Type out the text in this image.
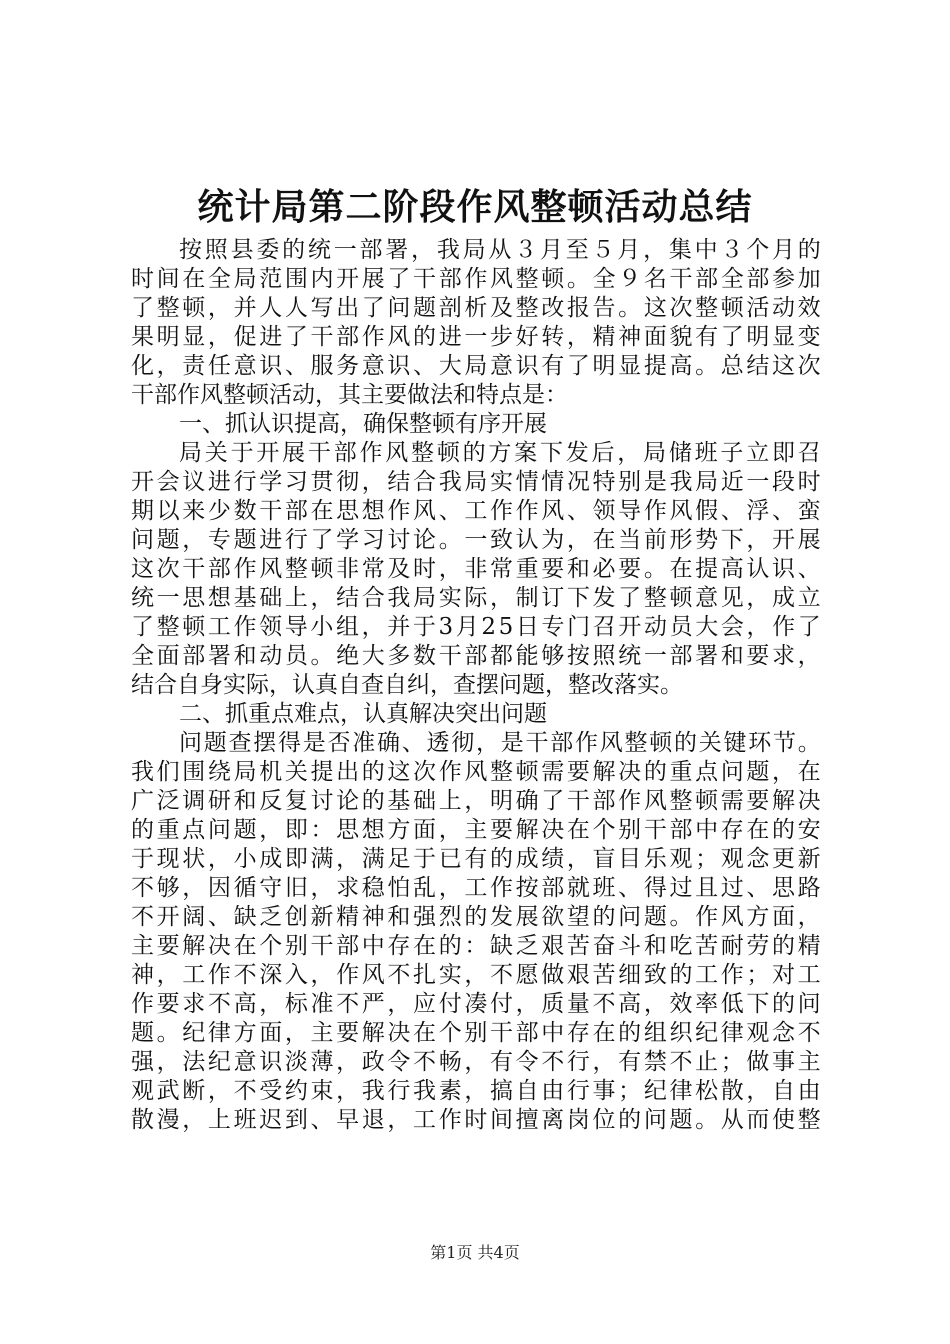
统计局第二阶段作风整顿活动总结
按 照 县 委 的 统 一 部 署 ， 我 局 从 ３ 月 至 ５ 月 ， 集 中 ３ 个 月 的
时 间 在 全 局 范 围 内 开 展 了 干 部 作 风 整 顿 。 全 ９ 名 干 部 全 部 参 加
了 整 顿 ， 并 人 人 写 出 了 问 题 剖 析 及 整 改 报 告 。 这 次 整 顿 活 动 效
果 明 显 ， 促 进 了 干 部 作 风 的 进 一 步 好 转 ， 精 神 面 貌 有 了 明 显 变
化 ， 责 任 意 识 、 服 务 意 识 、 大 局 意 识 有 了 明 显 提 高 。 总 结 这 次
干部作风整顿活动，其主要做法和特点是：
一、抓认识提高，确保整顿有序开展
局 关 于 开 展 干 部 作 风 整 顿 的 方 案 下 发 后 ， 局 储 班 子 立 即 召
开 会 议 进 行 学 习 贯 彻 ， 结 合 我 局 实 情 情 况 特 别 是 我 局 近 一 段 时
期 以 来 少 数 干 部 在 思 想 作 风 、 工 作 作 风 、 领 导 作 风 假 、 浮 、 蛮
问 题 ， 专 题 进 行 了 学 习 讨 论 。 一 致 认 为 ， 在 当 前 形 势 下 ， 开 展
这 次 干 部 作 风 整 顿 非 常 及 时 ， 非 常 重 要 和 必 要 。 在 提 高 认 识 、
统 一 思 想 基 础 上 ， 结 合 我 局 实 际 ， 制 订 下 发 了 整 顿 意 见 ， 成 立
了 整 顿 工 作 领 导 小 组 ， 并 于 3 月 2 5 日 专 门 召 开 动 员 大 会 ， 作 了
全 面 部 署 和 动 员 。 绝 大 多 数 干 部 都 能 够 按 照 统 一 部 署 和 要 求 ，
结合自身实际，认真自查自纠，查摆问题，整改落实。
二、抓重点难点，认真解决突出问题
问 题 查 摆 得 是 否 准 确 、 透 彻 ， 是 干 部 作 风 整 顿 的 关 键 环 节 。
我 们 围 绕 局 机 关 提 出 的 这 次 作 风 整 顿 需 要 解 决 的 重 点 问 题 ， 在
广 泛 调 研 和 反 复 讨 论 的 基 础 上 ， 明 确 了 干 部 作 风 整 顿 需 要 解 决
的 重 点 问 题 ， 即 ： 思 想 方 面 ， 主 要 解 决 在 个 别 干 部 中 存 在 的 安
于 现 状 ， 小 成 即 满 ， 满 足 于 已 有 的 成 绩 ， 盲 目 乐 观 ； 观 念 更 新
不 够 ， 因 循 守 旧 ， 求 稳 怕 乱 ， 工 作 按 部 就 班 、 得 过 且 过 、 思 路
不 开 阔 、 缺 乏 创 新 精 神 和 强 烈 的 发 展 欲 望 的 问 题 。 作 风 方 面 ，
主 要 解 决 在 个 别 干 部 中 存 在 的 ： 缺 乏 艰 苦 奋 斗 和 吃 苦 耐 劳 的 精
神 ， 工 作 不 深 入 ， 作 风 不 扎 实 ， 不 愿 做 艰 苦 细 致 的 工 作 ； 对 工
作 要 求 不 高 ， 标 准 不 严 ， 应 付 凑 付 ， 质 量 不 高 ， 效 率 低 下 的 问
题 。 纪 律 方 面 ， 主 要 解 决 在 个 别 干 部 中 存 在 的 组 织 纪 律 观 念 不
强 ， 法 纪 意 识 淡 薄 ， 政 令 不 畅 ， 有 令 不 行 ， 有 禁 不 止 ； 做 事 主
观 武 断 ， 不 受 约 束 ， 我 行 我 素 ， 搞 自 由 行 事 ； 纪 律 松 散 ， 自 由
散 漫 ， 上 班 迟 到 、 早 退 ， 工 作 时 间 擅 离 岗 位 的 问 题 。 从 而 使 整
第1页 共4页
